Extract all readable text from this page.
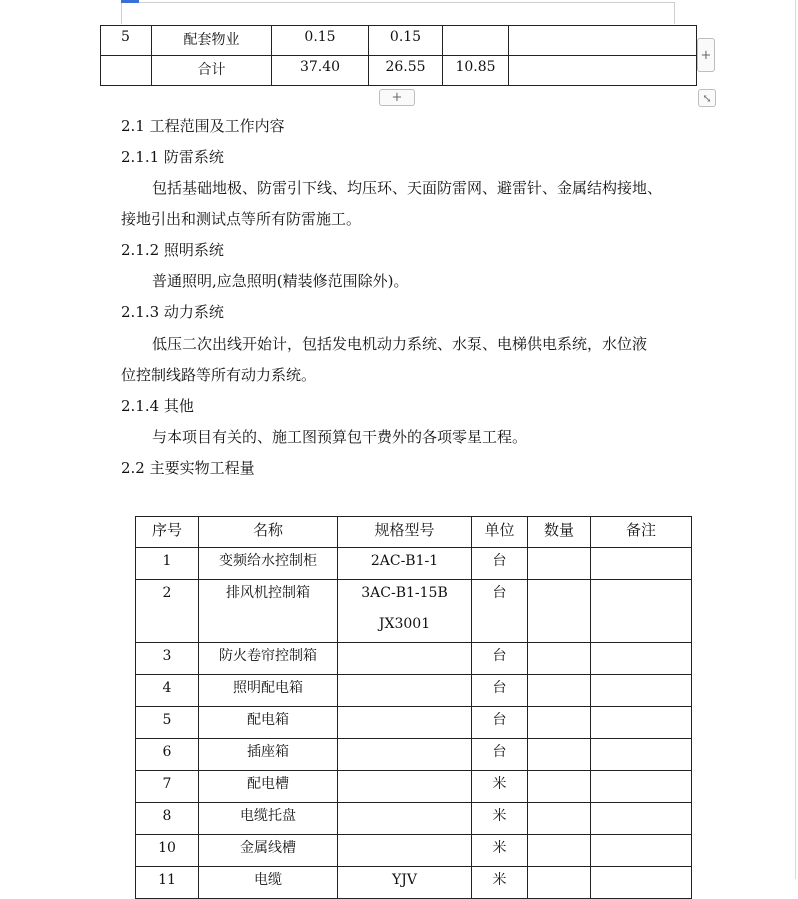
5	配套物业	0.15	0.15		
	合计	37.40	26.55	10.85	
+
+	⤡
2.1 工程范围及工作内容
2.1.1 防雷系统
包括基础地极、防雷引下线、均压环、天面防雷网、避雷针、金属结构接地、
接地引出和测试点等所有防雷施工。
2.1.2 照明系统
普通照明,应急照明(精装修范围除外)。
2.1.3 动力系统
低压二次出线开始计，包括发电机动力系统、水泵、电梯供电系统，水位液
位控制线路等所有动力系统。
2.1.4 其他
与本项目有关的、施工图预算包干费外的各项零星工程。
2.2 主要实物工程量
序号	名称	规格型号	单位	数量	备注
1	变频给水控制柜	2AC-B1-1	台		
2	排风机控制箱	3AC-B1-15B
JX3001	台		
3	防火卷帘控制箱		台		
4	照明配电箱		台		
5	配电箱		台		
6	插座箱		台		
7	配电槽		米		
8	电缆托盘		米		
10	金属线槽		米		
11	电缆	YJV	米		
